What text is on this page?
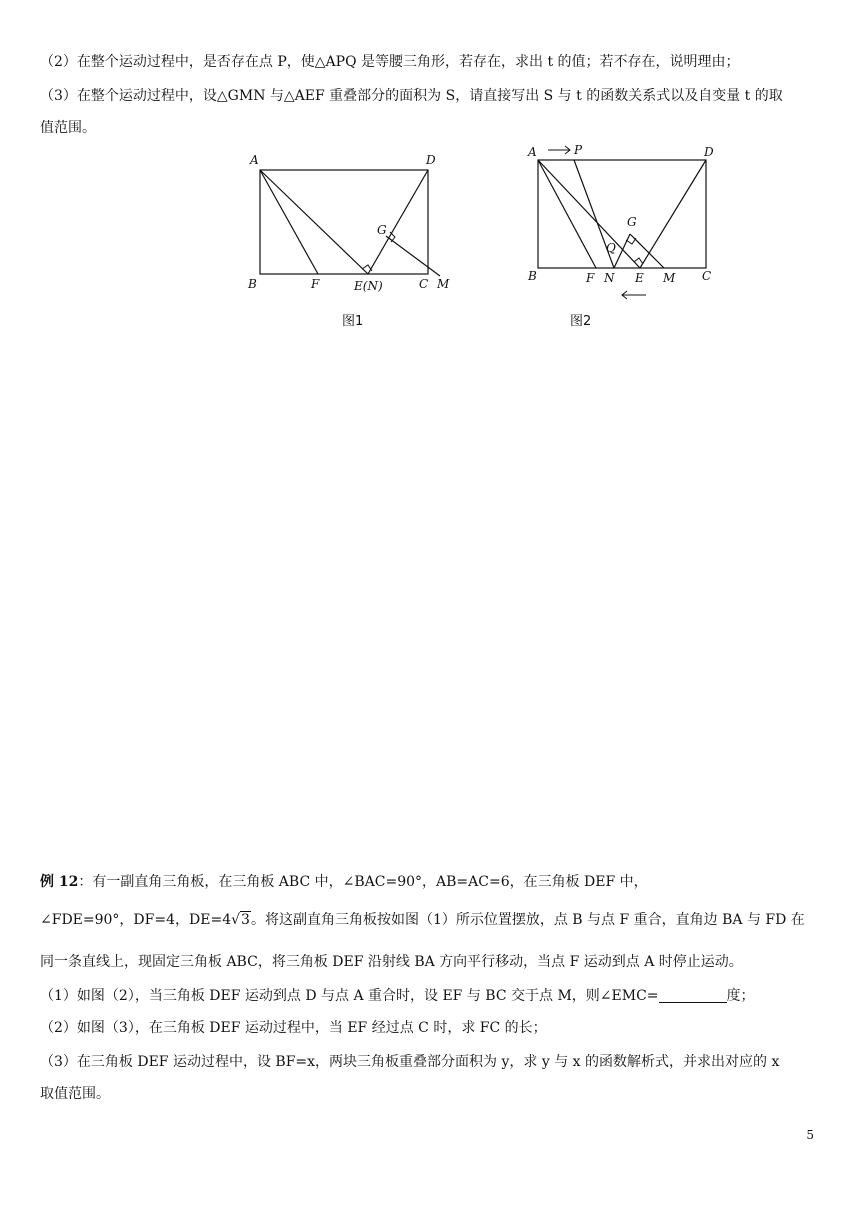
（2）在整个运动过程中，是否存在点 P，使△APQ 是等腰三角形，若存在，求出 t 的值；若不存在，说明理由；
（3）在整个运动过程中，设△GMN 与△AEF 重叠部分的面积为 S，请直接写出 S 与 t 的函数关系式以及自变量 t 的取
值范围。
A	D
G
B	F	E(N)	C M
图1
A	P	D
G
Q
B	F N E M C
图2
例 12：有一副直角三角板，在三角板 ABC 中，∠BAC=90°，AB=AC=6，在三角板 DEF 中，
∠FDE=90°，DF=4，DE=4√3。将这副直角三角板按如图（1）所示位置摆放，点 B 与点 F 重合，直角边 BA 与 FD 在
同一条直线上，现固定三角板 ABC，将三角板 DEF 沿射线 BA 方向平行移动，当点 F 运动到点 A 时停止运动。
（1）如图（2），当三角板 DEF 运动到点 D 与点 A 重合时，设 EF 与 BC 交于点 M，则∠EMC=	度；
（2）如图（3），在三角板 DEF 运动过程中，当 EF 经过点 C 时，求 FC 的长；
（3）在三角板 DEF 运动过程中，设 BF=x，两块三角板重叠部分面积为 y，求 y 与 x 的函数解析式，并求出对应的 x
取值范围。
5
